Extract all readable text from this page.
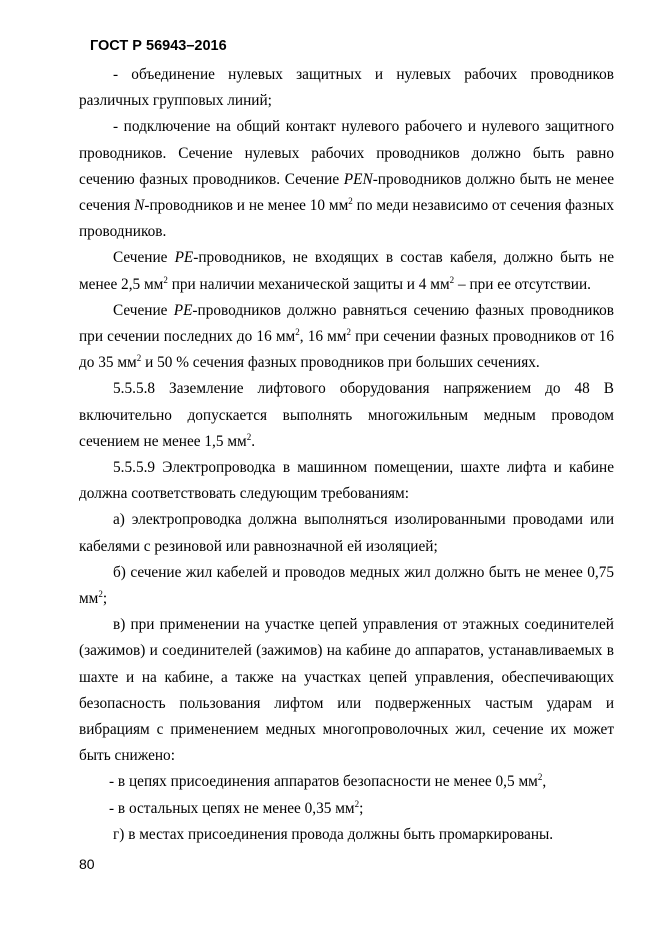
ГОСТ Р 56943–2016

- объединение нулевых защитных и нулевых рабочих проводников различных групповых линий;

- подключение на общий контакт нулевого рабочего и нулевого защитного проводников. Сечение нулевых рабочих проводников должно быть равно сечению фазных проводников. Сечение PEN-проводников должно быть не менее сечения N-проводников и не менее 10 $мм^2$ по меди независимо от сечения фазных проводников.

Сечение PE-проводников, не входящих в состав кабеля, должно быть не менее 2,5 $мм^2$ при наличии механической защиты и 4 $мм^2$ – при ее отсутствии.

Сечение PE-проводников должно равняться сечению фазных проводников при сечении последних до 16 $мм^2$, 16 $мм^2$ при сечении фазных проводников от 16 до 35 $мм^2$ и 50 % сечения фазных проводников при больших сечениях.

5.5.5.8 Заземление лифтового оборудования напряжением до 48 В включительно допускается выполнять многожильным медным проводом сечением не менее 1,5 $мм^2$.

5.5.5.9 Электропроводка в машинном помещении, шахте лифта и кабине должна соответствовать следующим требованиям:

а) электропроводка должна выполняться изолированными проводами или кабелями с резиновой или равнозначной ей изоляцией;

б) сечение жил кабелей и проводов медных жил должно быть не менее 0,75 $мм^2$;

в) при применении на участке цепей управления от этажных соединителей (зажимов) и соединителей (зажимов) на кабине до аппаратов, устанавливаемых в шахте и на кабине, а также на участках цепей управления, обеспечивающих безопасность пользования лифтом или подверженных частым ударам и вибрациям с применением медных многопроволочных жил, сечение их может быть снижено:

- в цепях присоединения аппаратов безопасности не менее 0,5 $мм^2$,

- в остальных цепях не менее 0,35 $мм^2$;

г) в местах присоединения провода должны быть промаркированы.

80
